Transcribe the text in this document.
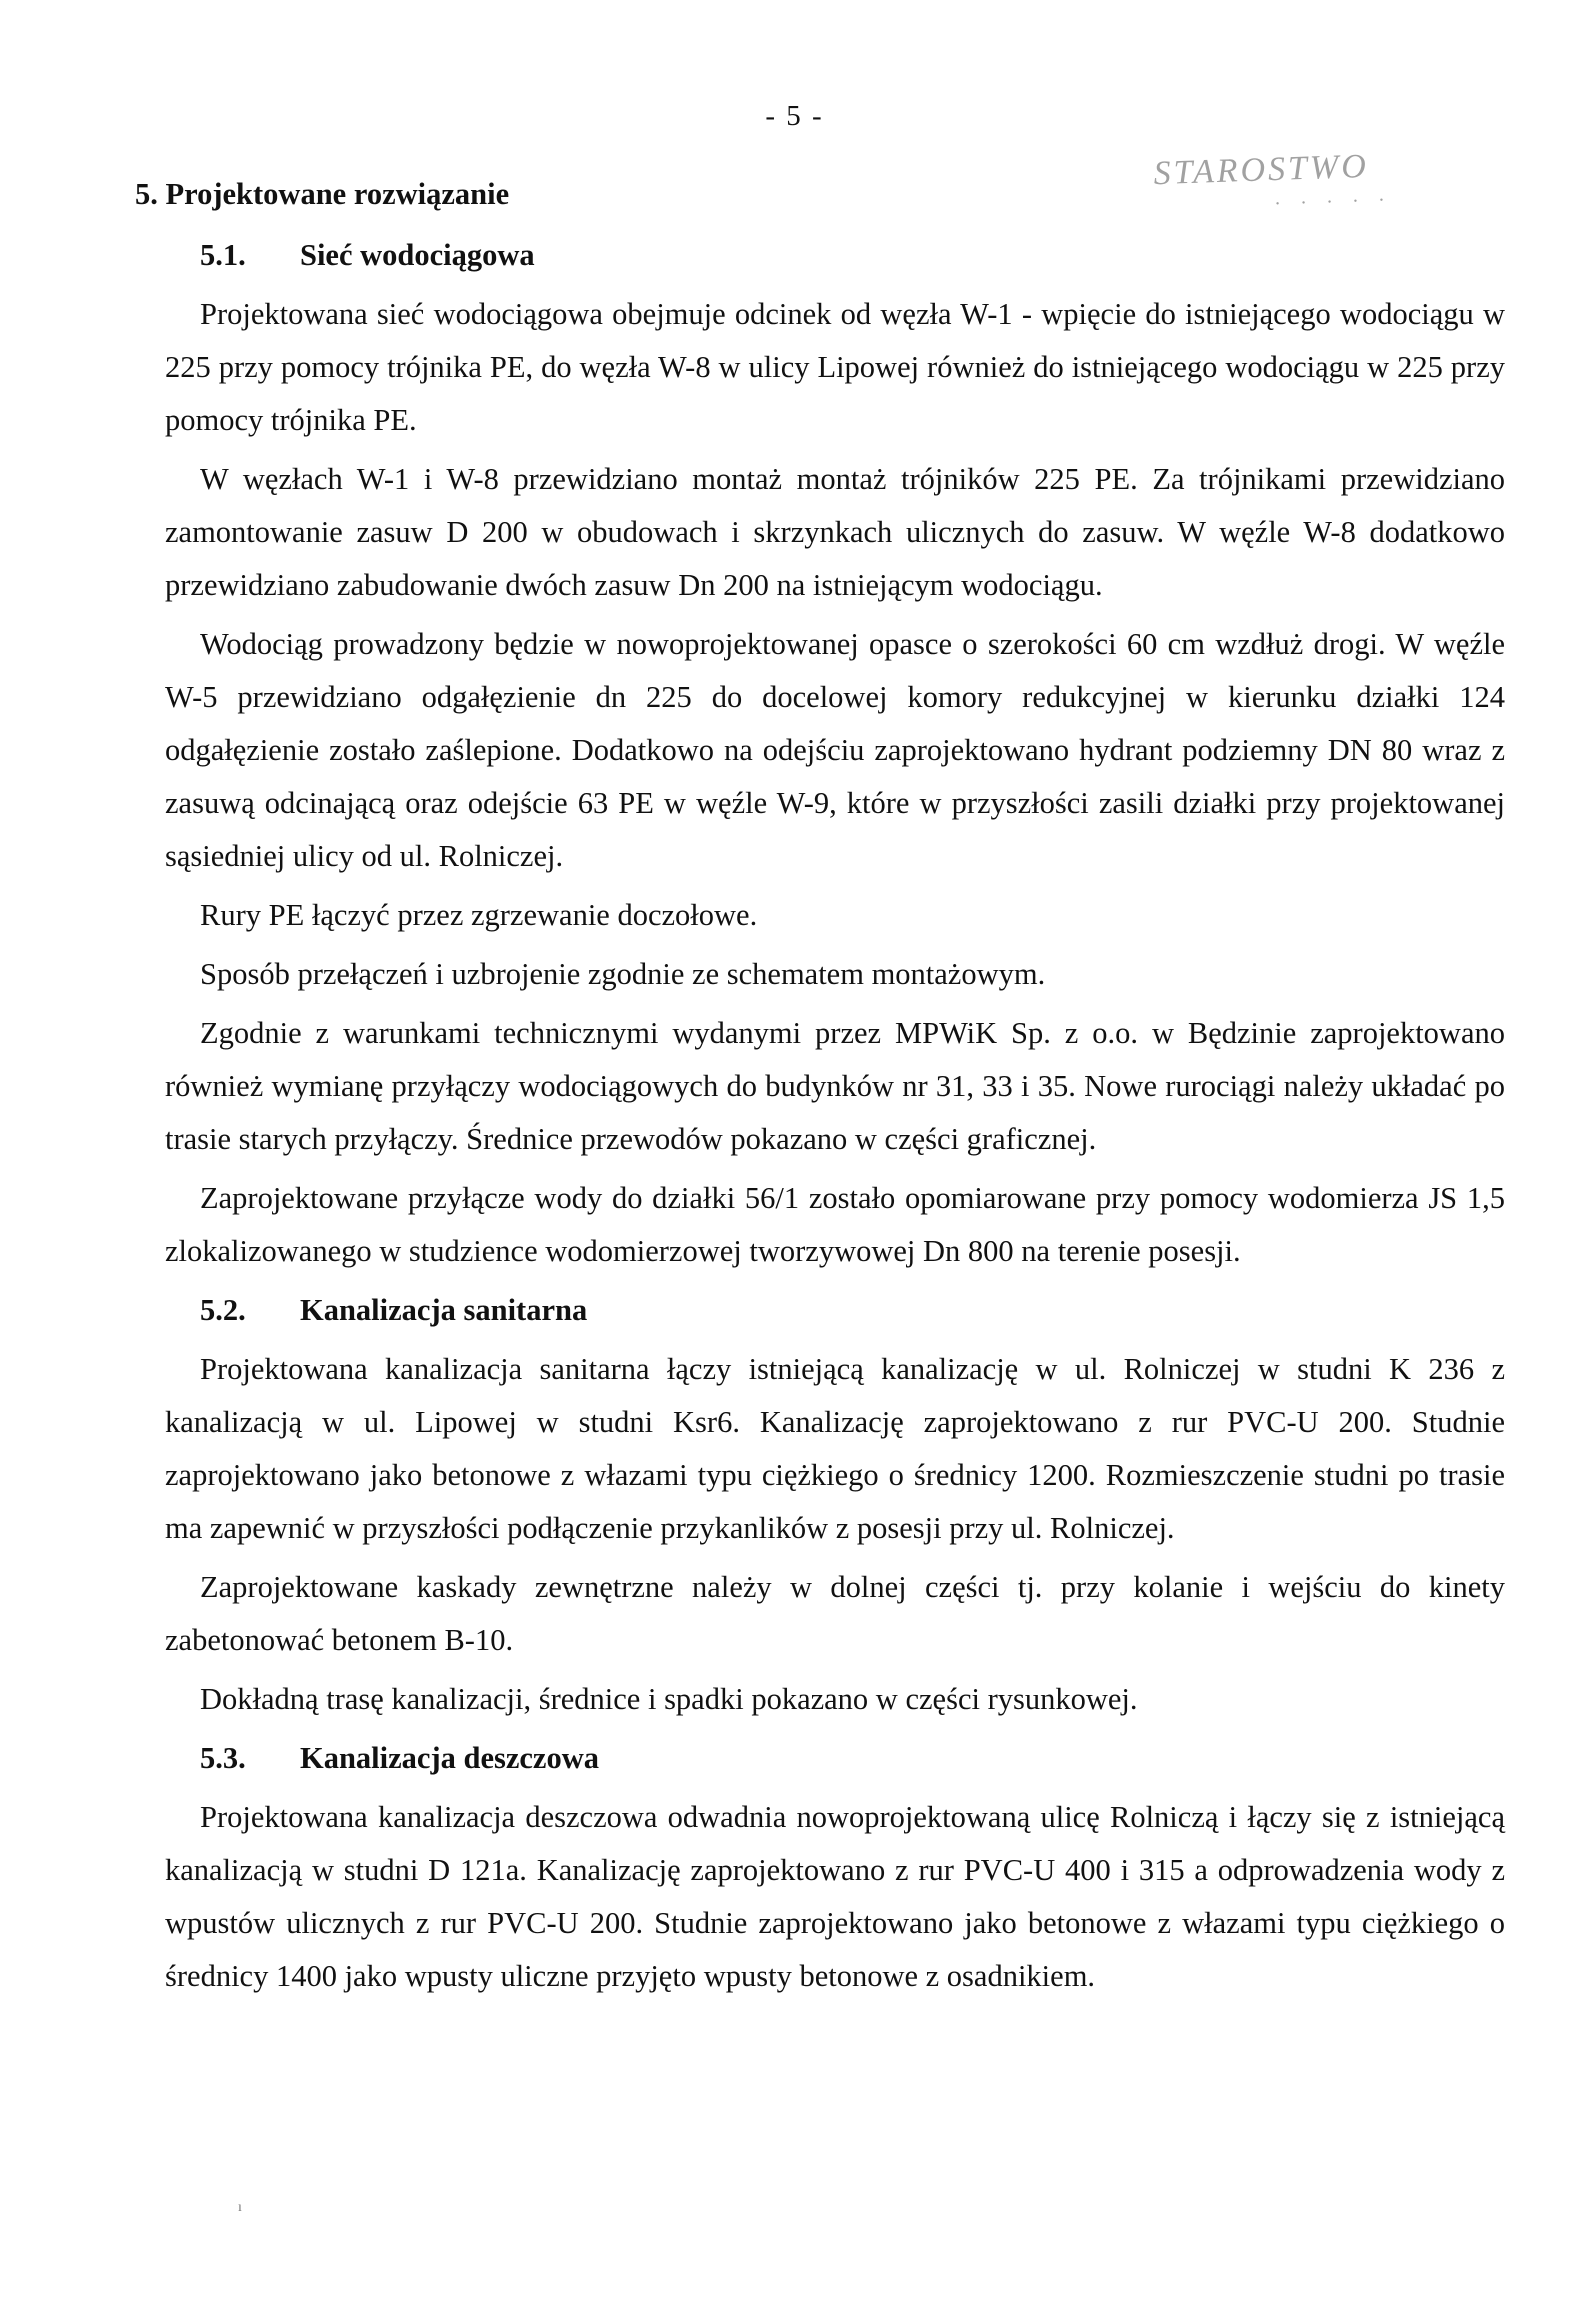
- 5 -
STAROSTWO
· · · · ·
5. Projektowane rozwiązanie
5.1.	Sieć wodociągowa

Projektowana sieć wodociągowa obejmuje odcinek od węzła W-1 - wpięcie do istniejącego wodociągu w 225 przy pomocy trójnika PE, do węzła W-8 w ulicy Lipowej również do istniejącego wodociągu w 225 przy pomocy trójnika PE.

W węzłach W-1 i W-8 przewidziano montaż montaż trójników 225 PE. Za trójnikami przewidziano zamontowanie zasuw D 200 w obudowach i skrzynkach ulicznych do zasuw. W węźle W-8 dodatkowo przewidziano zabudowanie dwóch zasuw Dn 200 na istniejącym wodociągu.

Wodociąg prowadzony będzie w nowoprojektowanej opasce o szerokości 60 cm wzdłuż drogi. W węźle W-5 przewidziano odgałęzienie dn 225 do docelowej komory redukcyjnej w kierunku działki 124 odgałęzienie zostało zaślepione. Dodatkowo na odejściu zaprojektowano hydrant podziemny DN 80 wraz z zasuwą odcinającą oraz odejście 63 PE w węźle W-9, które w przyszłości zasili działki przy projektowanej sąsiedniej ulicy od ul. Rolniczej.

Rury PE łączyć przez zgrzewanie doczołowe.

Sposób przełączeń i uzbrojenie zgodnie ze schematem montażowym.

Zgodnie z warunkami technicznymi wydanymi przez MPWiK Sp. z o.o. w Będzinie zaprojektowano również wymianę przyłączy wodociągowych do budynków nr 31, 33 i 35. Nowe rurociągi należy układać po trasie starych przyłączy. Średnice przewodów pokazano w części graficznej.

Zaprojektowane przyłącze wody do działki 56/1 zostało opomiarowane przy pomocy wodomierza JS 1,5 zlokalizowanego w studzience wodomierzowej tworzywowej Dn 800 na terenie posesji.

5.2.	Kanalizacja sanitarna

Projektowana kanalizacja sanitarna łączy istniejącą kanalizację w ul. Rolniczej w studni K 236 z kanalizacją w ul. Lipowej w studni Ksr6. Kanalizację zaprojektowano z rur PVC-U 200. Studnie zaprojektowano jako betonowe z włazami typu ciężkiego o średnicy 1200. Rozmieszczenie studni po trasie ma zapewnić w przyszłości podłączenie przykanlików z posesji przy ul. Rolniczej.

Zaprojektowane kaskady zewnętrzne należy w dolnej części tj. przy kolanie i wejściu do kinety zabetonować betonem B-10.

Dokładną trasę kanalizacji, średnice i spadki pokazano w części rysunkowej.

5.3.	Kanalizacja deszczowa

Projektowana kanalizacja deszczowa odwadnia nowoprojektowaną ulicę Rolniczą i łączy się z istniejącą kanalizacją w studni D 121a. Kanalizację zaprojektowano z rur PVC-U 400 i 315 a odprowadzenia wody z wpustów ulicznych z rur PVC-U 200. Studnie zaprojektowano jako betonowe z włazami typu ciężkiego o średnicy 1400 jako wpusty uliczne przyjęto wpusty betonowe z osadnikiem.

ı
